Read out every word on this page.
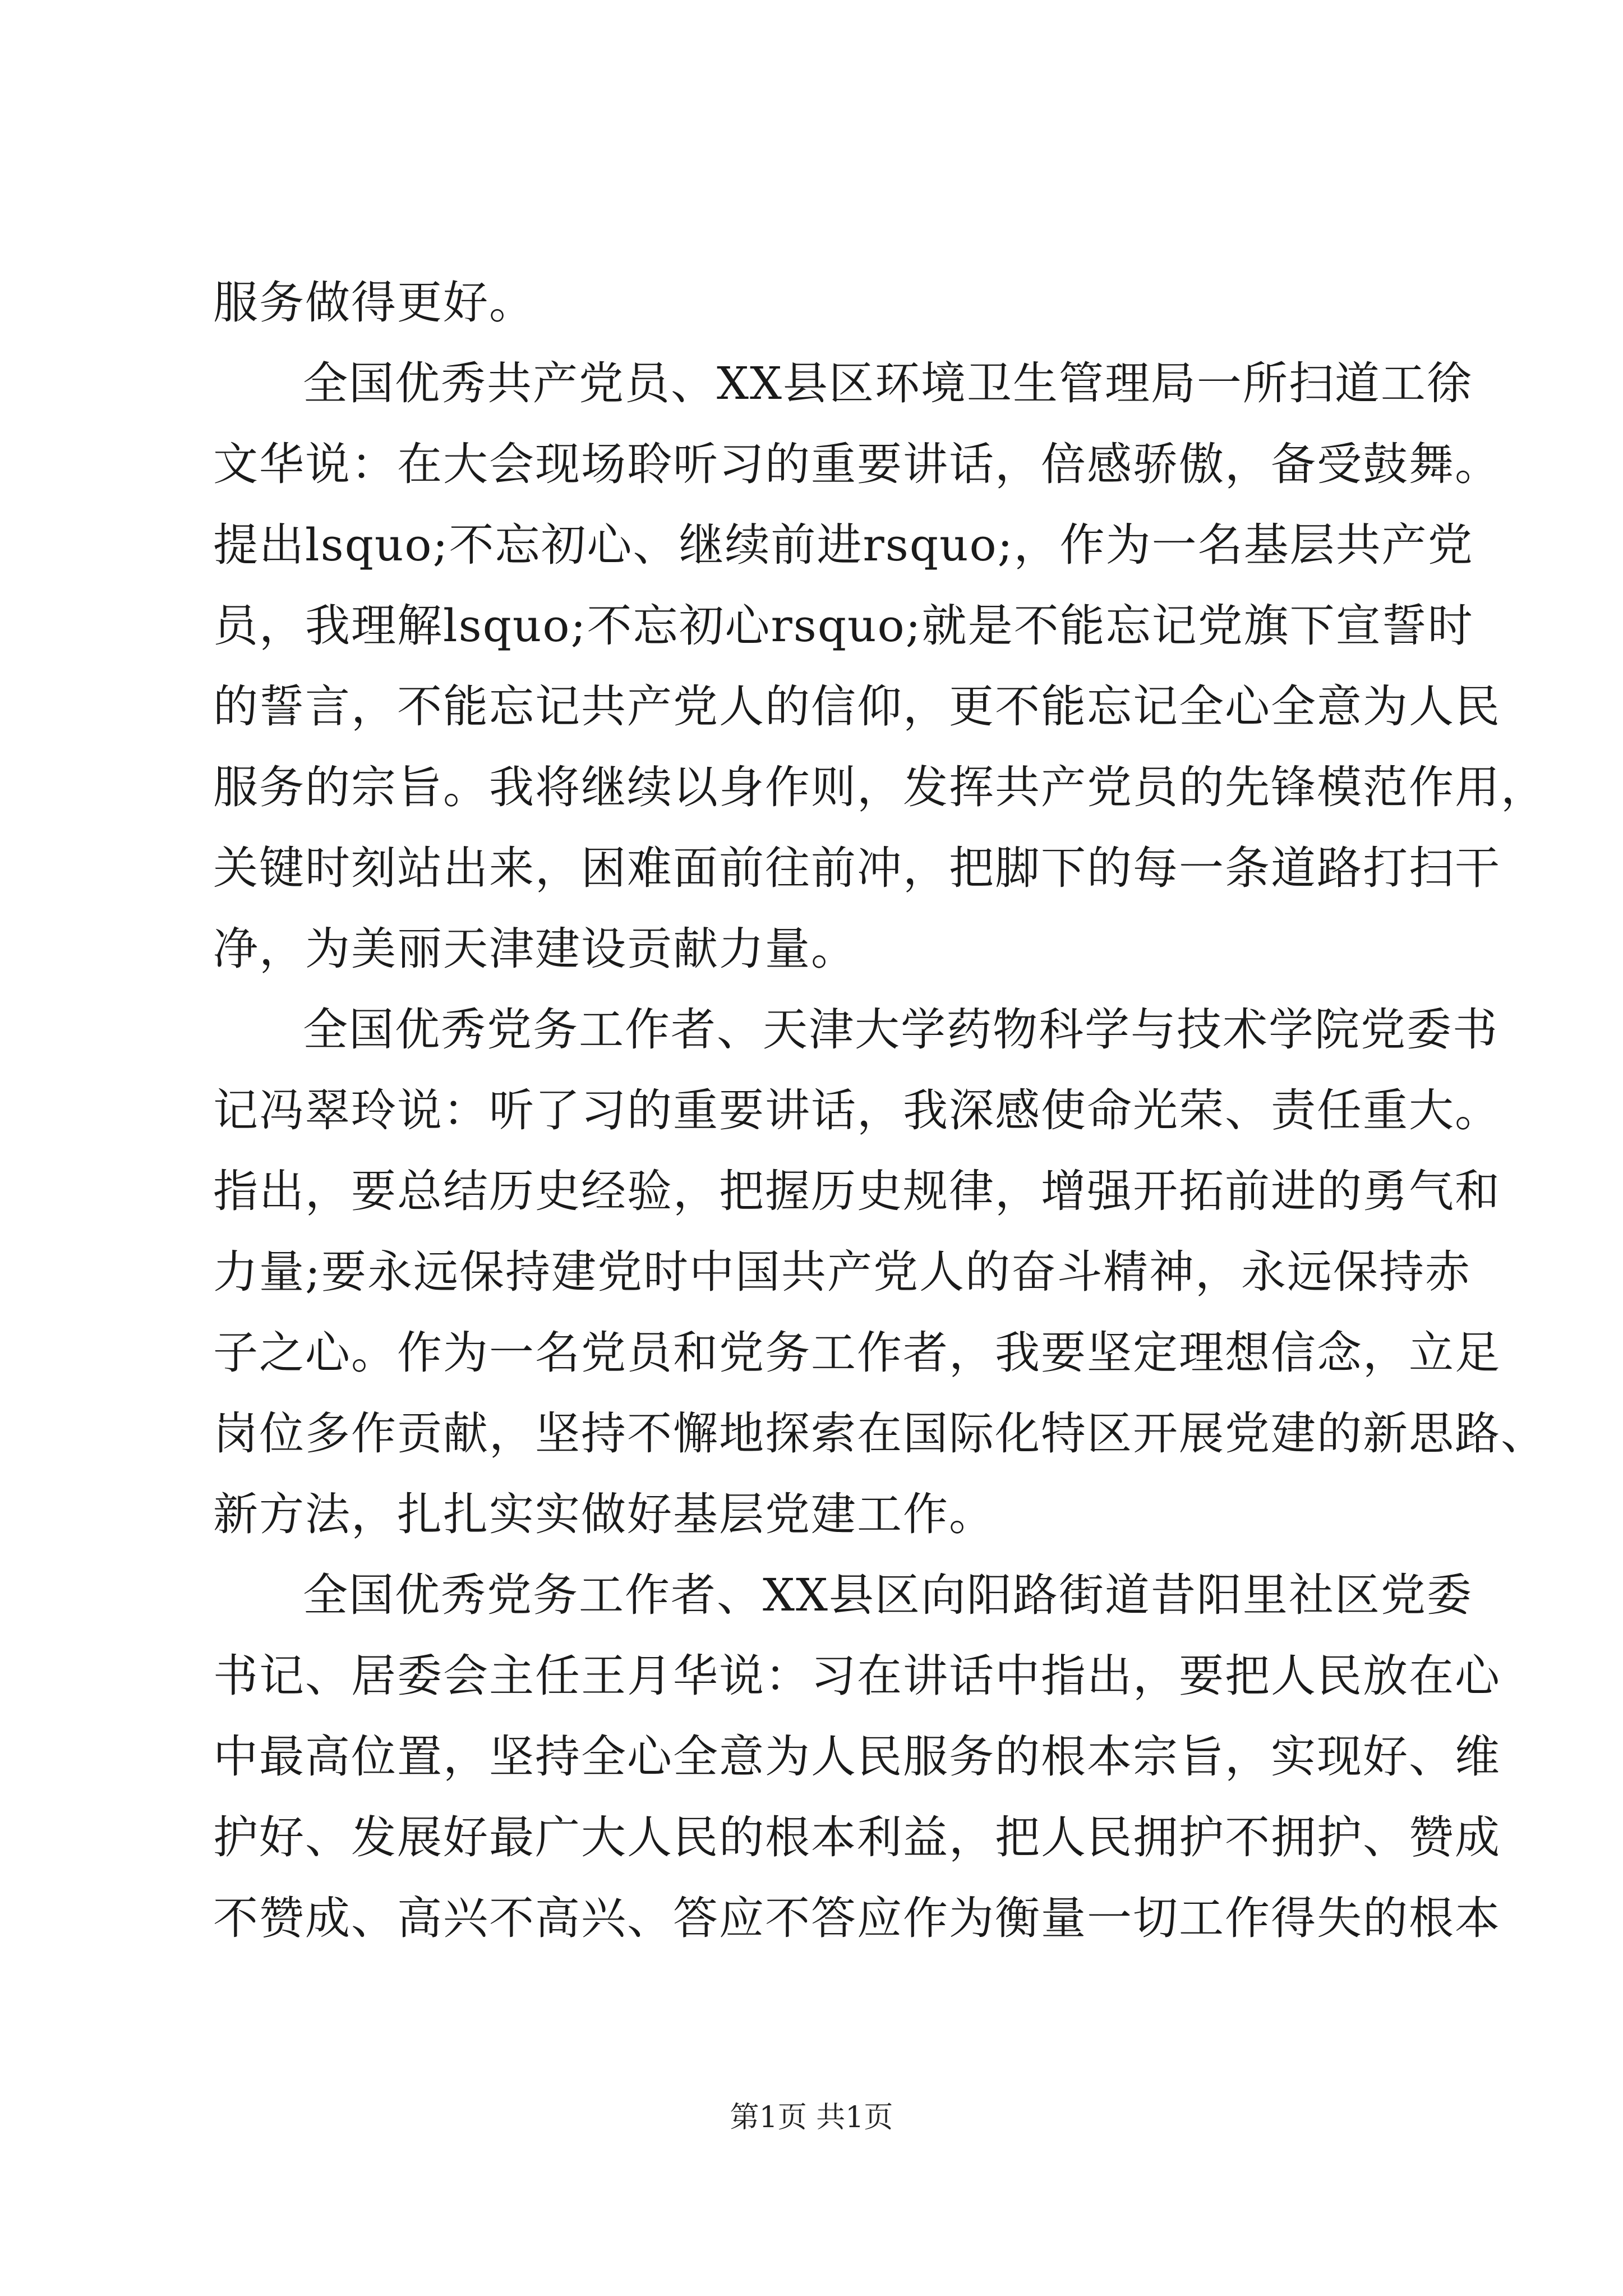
服务做得更好。
全国优秀共产党员、XX县区环境卫生管理局一所扫道工徐
文华说：在大会现场聆听习的重要讲话，倍感骄傲，备受鼓舞。
提出lsquo;不忘初心、继续前进rsquo;，作为一名基层共产党
员，我理解lsquo;不忘初心rsquo;就是不能忘记党旗下宣誓时
的誓言，不能忘记共产党人的信仰，更不能忘记全心全意为人民
服务的宗旨。我将继续以身作则，发挥共产党员的先锋模范作用，
关键时刻站出来，困难面前往前冲，把脚下的每一条道路打扫干
净，为美丽天津建设贡献力量。
全国优秀党务工作者、天津大学药物科学与技术学院党委书
记冯翠玲说：听了习的重要讲话，我深感使命光荣、责任重大。
指出，要总结历史经验，把握历史规律，增强开拓前进的勇气和
力量;要永远保持建党时中国共产党人的奋斗精神，永远保持赤
子之心。作为一名党员和党务工作者，我要坚定理想信念，立足
岗位多作贡献，坚持不懈地探索在国际化特区开展党建的新思路、
新方法，扎扎实实做好基层党建工作。
全国优秀党务工作者、XX县区向阳路街道昔阳里社区党委
书记、居委会主任王月华说：习在讲话中指出，要把人民放在心
中最高位置，坚持全心全意为人民服务的根本宗旨，实现好、维
护好、发展好最广大人民的根本利益，把人民拥护不拥护、赞成
不赞成、高兴不高兴、答应不答应作为衡量一切工作得失的根本
第1页 共1页
